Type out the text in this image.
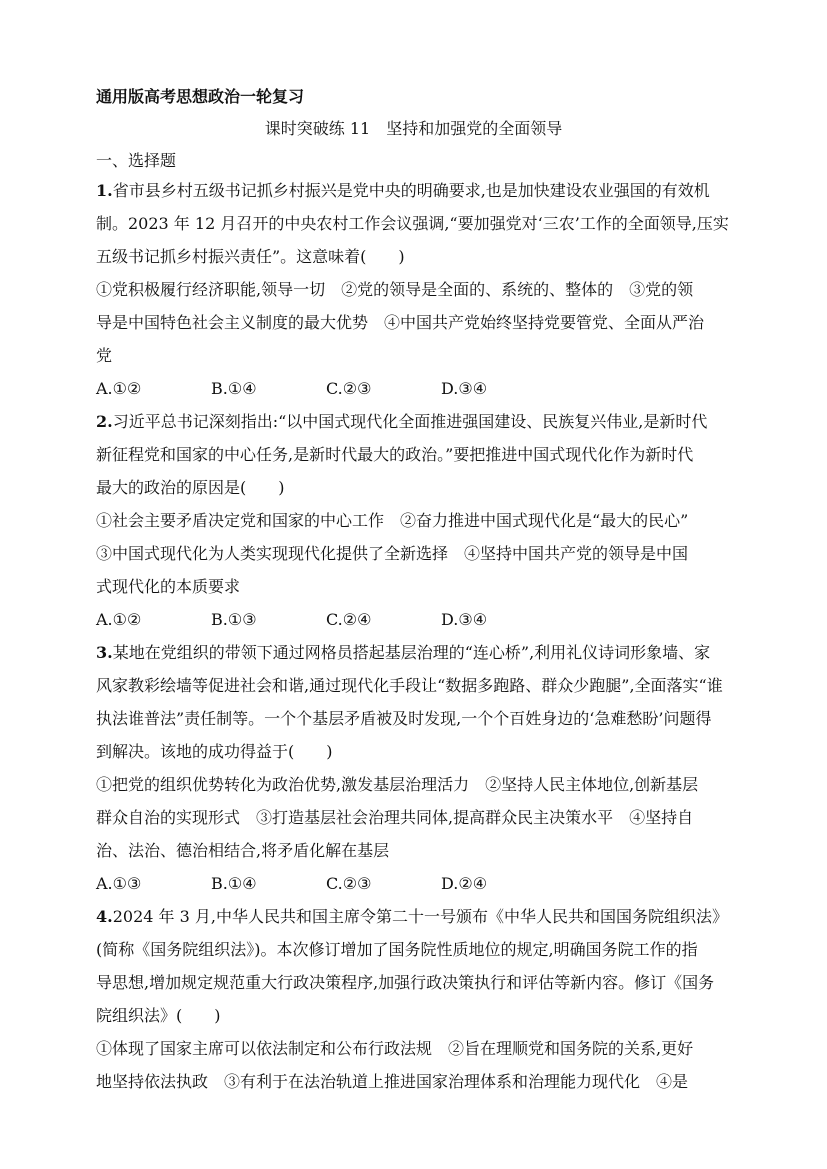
通用版高考思想政治一轮复习
课时突破练 11　坚持和加强党的全面领导
一、选择题
1.省市县乡村五级书记抓乡村振兴是党中央的明确要求,也是加快建设农业强国的有效机
制。2023 年 12 月召开的中央农村工作会议强调,“要加强党对‘三农’工作的全面领导,压实
五级书记抓乡村振兴责任”。这意味着(　　)
①党积极履行经济职能,领导一切　②党的领导是全面的、系统的、整体的　③党的领
导是中国特色社会主义制度的最大优势　④中国共产党始终坚持党要管党、全面从严治
党
A.①②	B.①④	C.②③	D.③④
2.习近平总书记深刻指出:“以中国式现代化全面推进强国建设、民族复兴伟业,是新时代
新征程党和国家的中心任务,是新时代最大的政治。”要把推进中国式现代化作为新时代
最大的政治的原因是(　　)
①社会主要矛盾决定党和国家的中心工作　②奋力推进中国式现代化是“最大的民心”
③中国式现代化为人类实现现代化提供了全新选择　④坚持中国共产党的领导是中国
式现代化的本质要求
A.①②	B.①③	C.②④	D.③④
3.某地在党组织的带领下通过网格员搭起基层治理的“连心桥”,利用礼仪诗词形象墙、家
风家教彩绘墙等促进社会和谐,通过现代化手段让“数据多跑路、群众少跑腿”,全面落实“谁
执法谁普法”责任制等。一个个基层矛盾被及时发现,一个个百姓身边的‘急难愁盼’问题得
到解决。该地的成功得益于(　　)
①把党的组织优势转化为政治优势,激发基层治理活力　②坚持人民主体地位,创新基层
群众自治的实现形式　③打造基层社会治理共同体,提高群众民主决策水平　④坚持自
治、法治、德治相结合,将矛盾化解在基层
A.①③	B.①④	C.②③	D.②④
4.2024 年 3 月,中华人民共和国主席令第二十一号颁布《中华人民共和国国务院组织法》
(简称《国务院组织法》)。本次修订增加了国务院性质地位的规定,明确国务院工作的指
导思想,增加规定规范重大行政决策程序,加强行政决策执行和评估等新内容。修订《国务
院组织法》(　　)
①体现了国家主席可以依法制定和公布行政法规　②旨在理顺党和国务院的关系,更好
地坚持依法执政　③有利于在法治轨道上推进国家治理体系和治理能力现代化　④是
